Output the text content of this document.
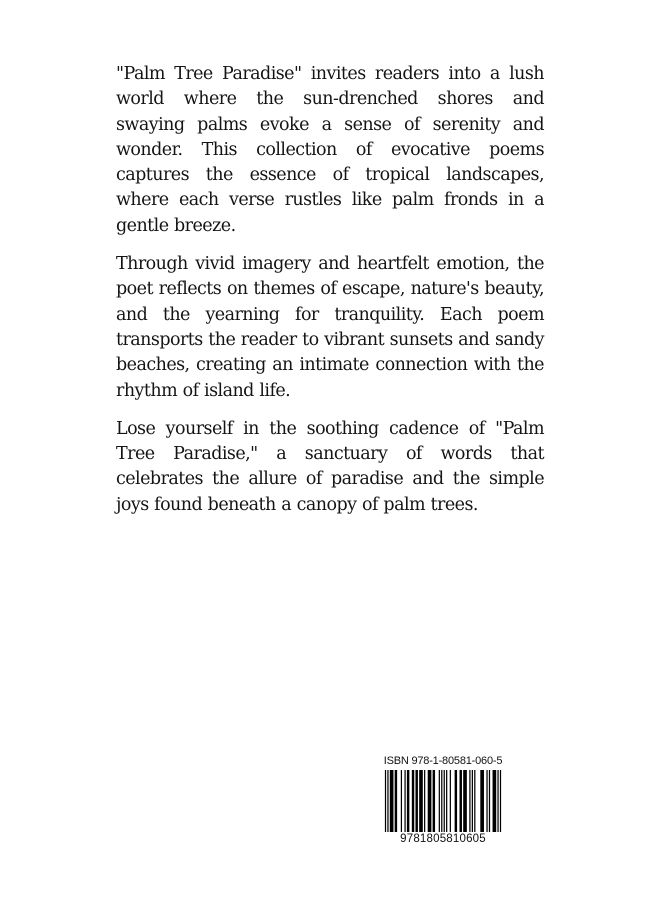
"Palm Tree Paradise" invites readers into a lush world where the sun-drenched shores and swaying palms evoke a sense of serenity and wonder. This collection of evocative poems captures the essence of tropical landscapes, where each verse rustles like palm fronds in a gentle breeze.

Through vivid imagery and heartfelt emotion, the poet reflects on themes of escape, nature's beauty, and the yearning for tranquility. Each poem transports the reader to vibrant sunsets and sandy beaches, creating an intimate connection with the rhythm of island life.

Lose yourself in the soothing cadence of "Palm Tree Paradise," a sanctuary of words that celebrates the allure of paradise and the simple joys found beneath a canopy of palm trees.

ISBN 978-1-80581-060-5
9781805810605
